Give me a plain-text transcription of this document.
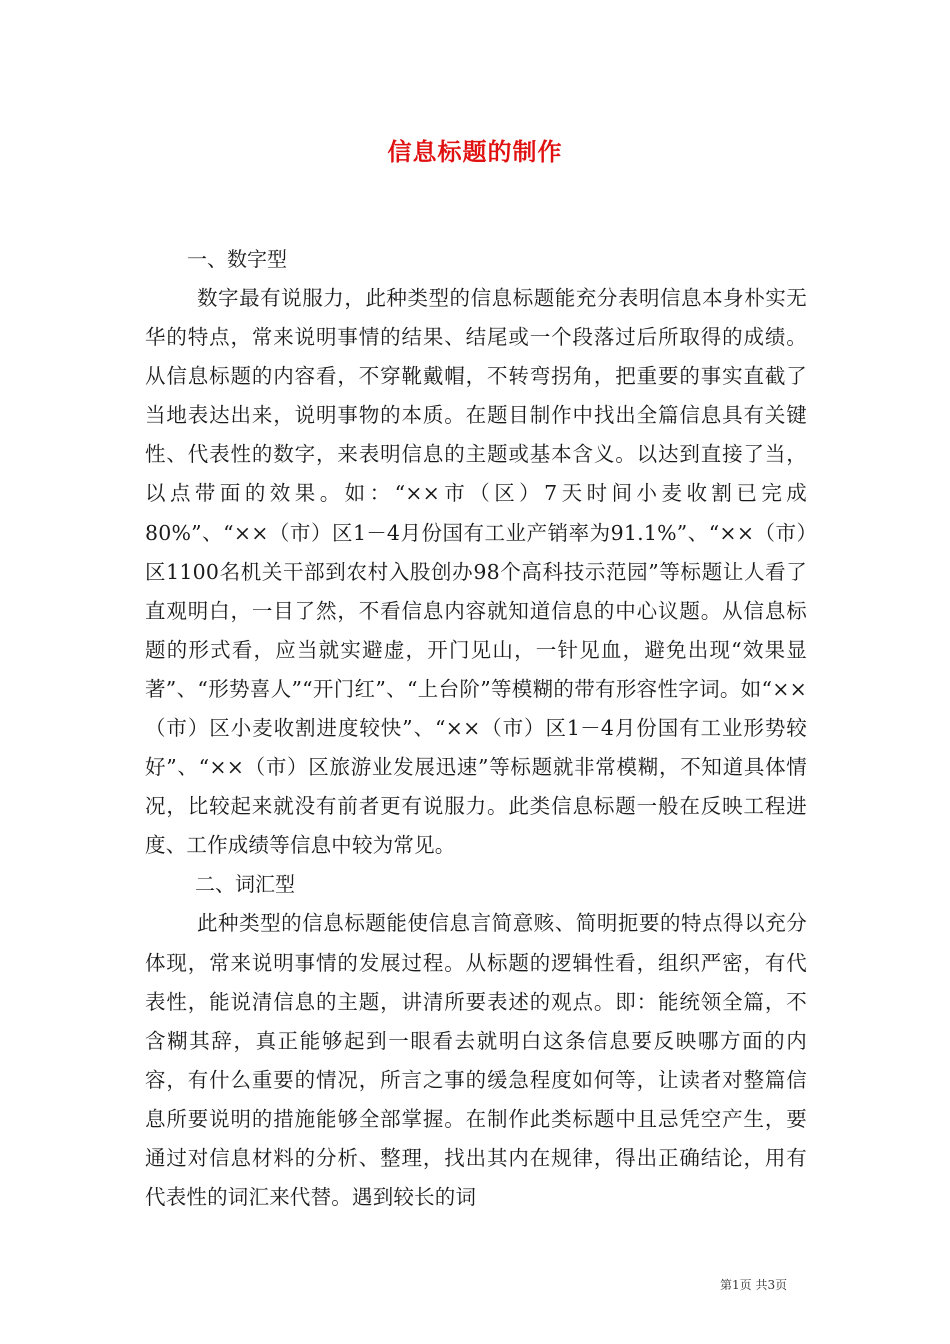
信息标题的制作

一、数字型

数字最有说服力，此种类型的信息标题能充分表明信息本身朴实无华的特点，常来说明事情的结果、结尾或一个段落过后所取得的成绩。从信息标题的内容看，不穿靴戴帽，不转弯拐角，把重要的事实直截了当地表达出来，说明事物的本质。在题目制作中找出全篇信息具有关键性、代表性的数字，来表明信息的主题或基本含义。以达到直接了当，以点带面的效果。如：“××市（区）7天时间小麦收割已完成80%”、“××（市）区1－4月份国有工业产销率为91.1%”、“××（市）区1100名机关干部到农村入股创办98个高科技示范园”等标题让人看了直观明白，一目了然，不看信息内容就知道信息的中心议题。从信息标题的形式看，应当就实避虚，开门见山，一针见血，避免出现“效果显著”、“形势喜人”“开门红”、“上台阶”等模糊的带有形容性字词。如“××（市）区小麦收割进度较快”、“××（市）区1－4月份国有工业形势较好”、“××（市）区旅游业发展迅速”等标题就非常模糊，不知道具体情况，比较起来就没有前者更有说服力。此类信息标题一般在反映工程进度、工作成绩等信息中较为常见。

二、词汇型

此种类型的信息标题能使信息言简意赅、简明扼要的特点得以充分体现，常来说明事情的发展过程。从标题的逻辑性看，组织严密，有代表性，能说清信息的主题，讲清所要表述的观点。即：能统领全篇，不含糊其辞，真正能够起到一眼看去就明白这条信息要反映哪方面的内容，有什么重要的情况，所言之事的缓急程度如何等，让读者对整篇信息所要说明的措施能够全部掌握。在制作此类标题中且忌凭空产生，要通过对信息材料的分析、整理，找出其内在规律，得出正确结论，用有代表性的词汇来代替。遇到较长的词

第1页 共3页
